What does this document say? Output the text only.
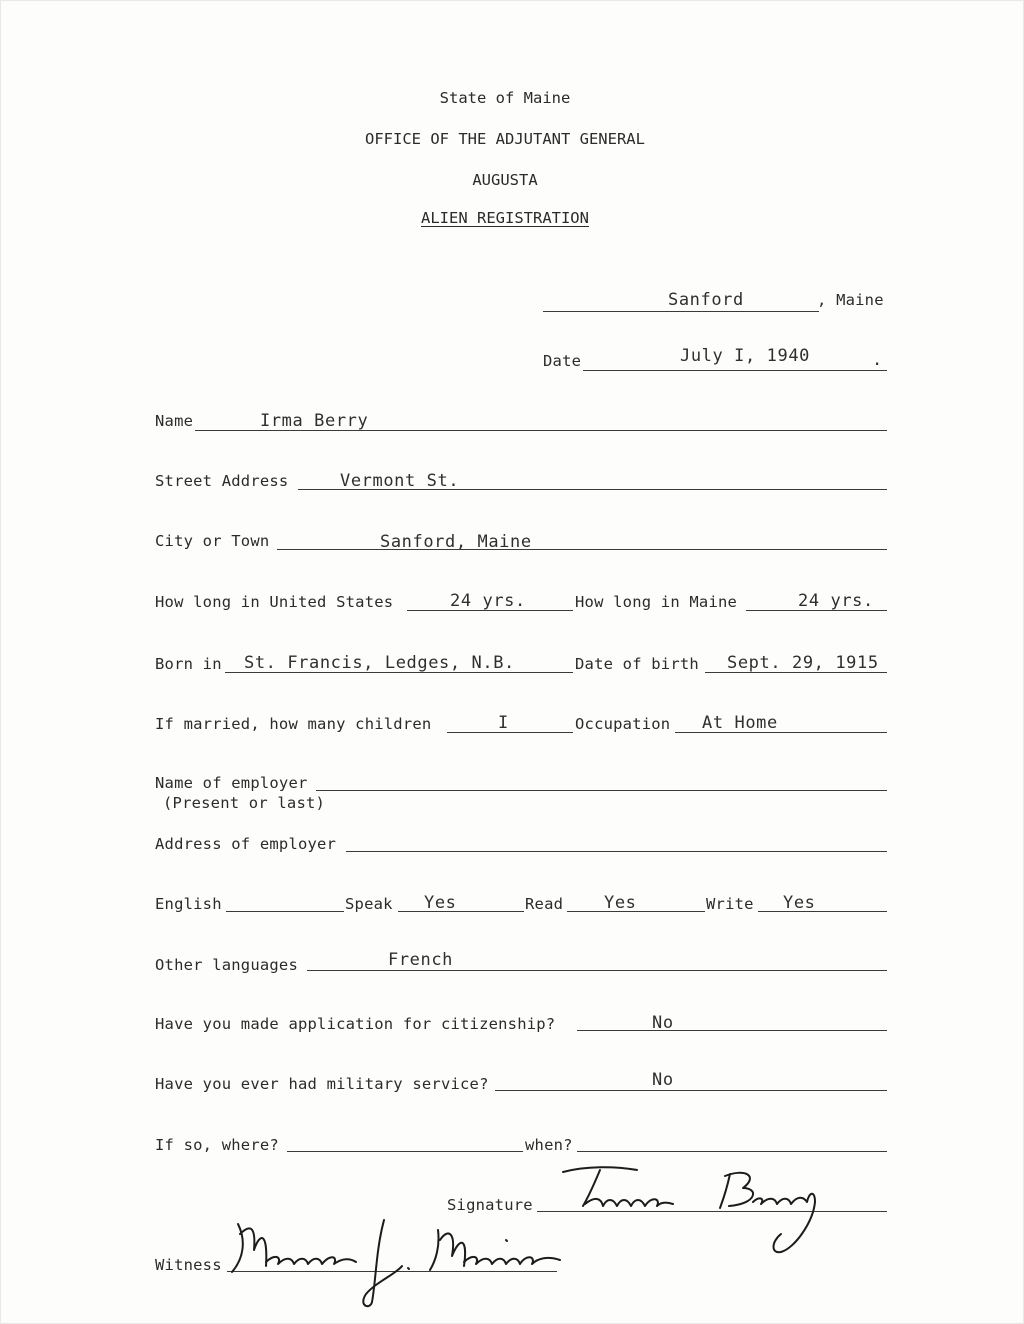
State of Maine
OFFICE OF THE ADJUTANT GENERAL
AUGUSTA
ALIEN REGISTRATION
Sanford	, Maine
Date	July I, 1940	.
Name	Irma Berry
Street Address	Vermont St.
City or Town	Sanford, Maine
How long in United States	24 yrs.	How long in Maine	24 yrs.
Born in St. Francis, Ledges, N.B.	Date of birth Sept. 29, 1915
If married, how many children	I	Occupation At Home
Name of employer
(Present or last)
Address of employer
English	Speak Yes	Read Yes	Write Yes
Other languages	French
Have you made application for citizenship?	No
Have you ever had military service?	No
If so, where?	when?
Signature
Witness
